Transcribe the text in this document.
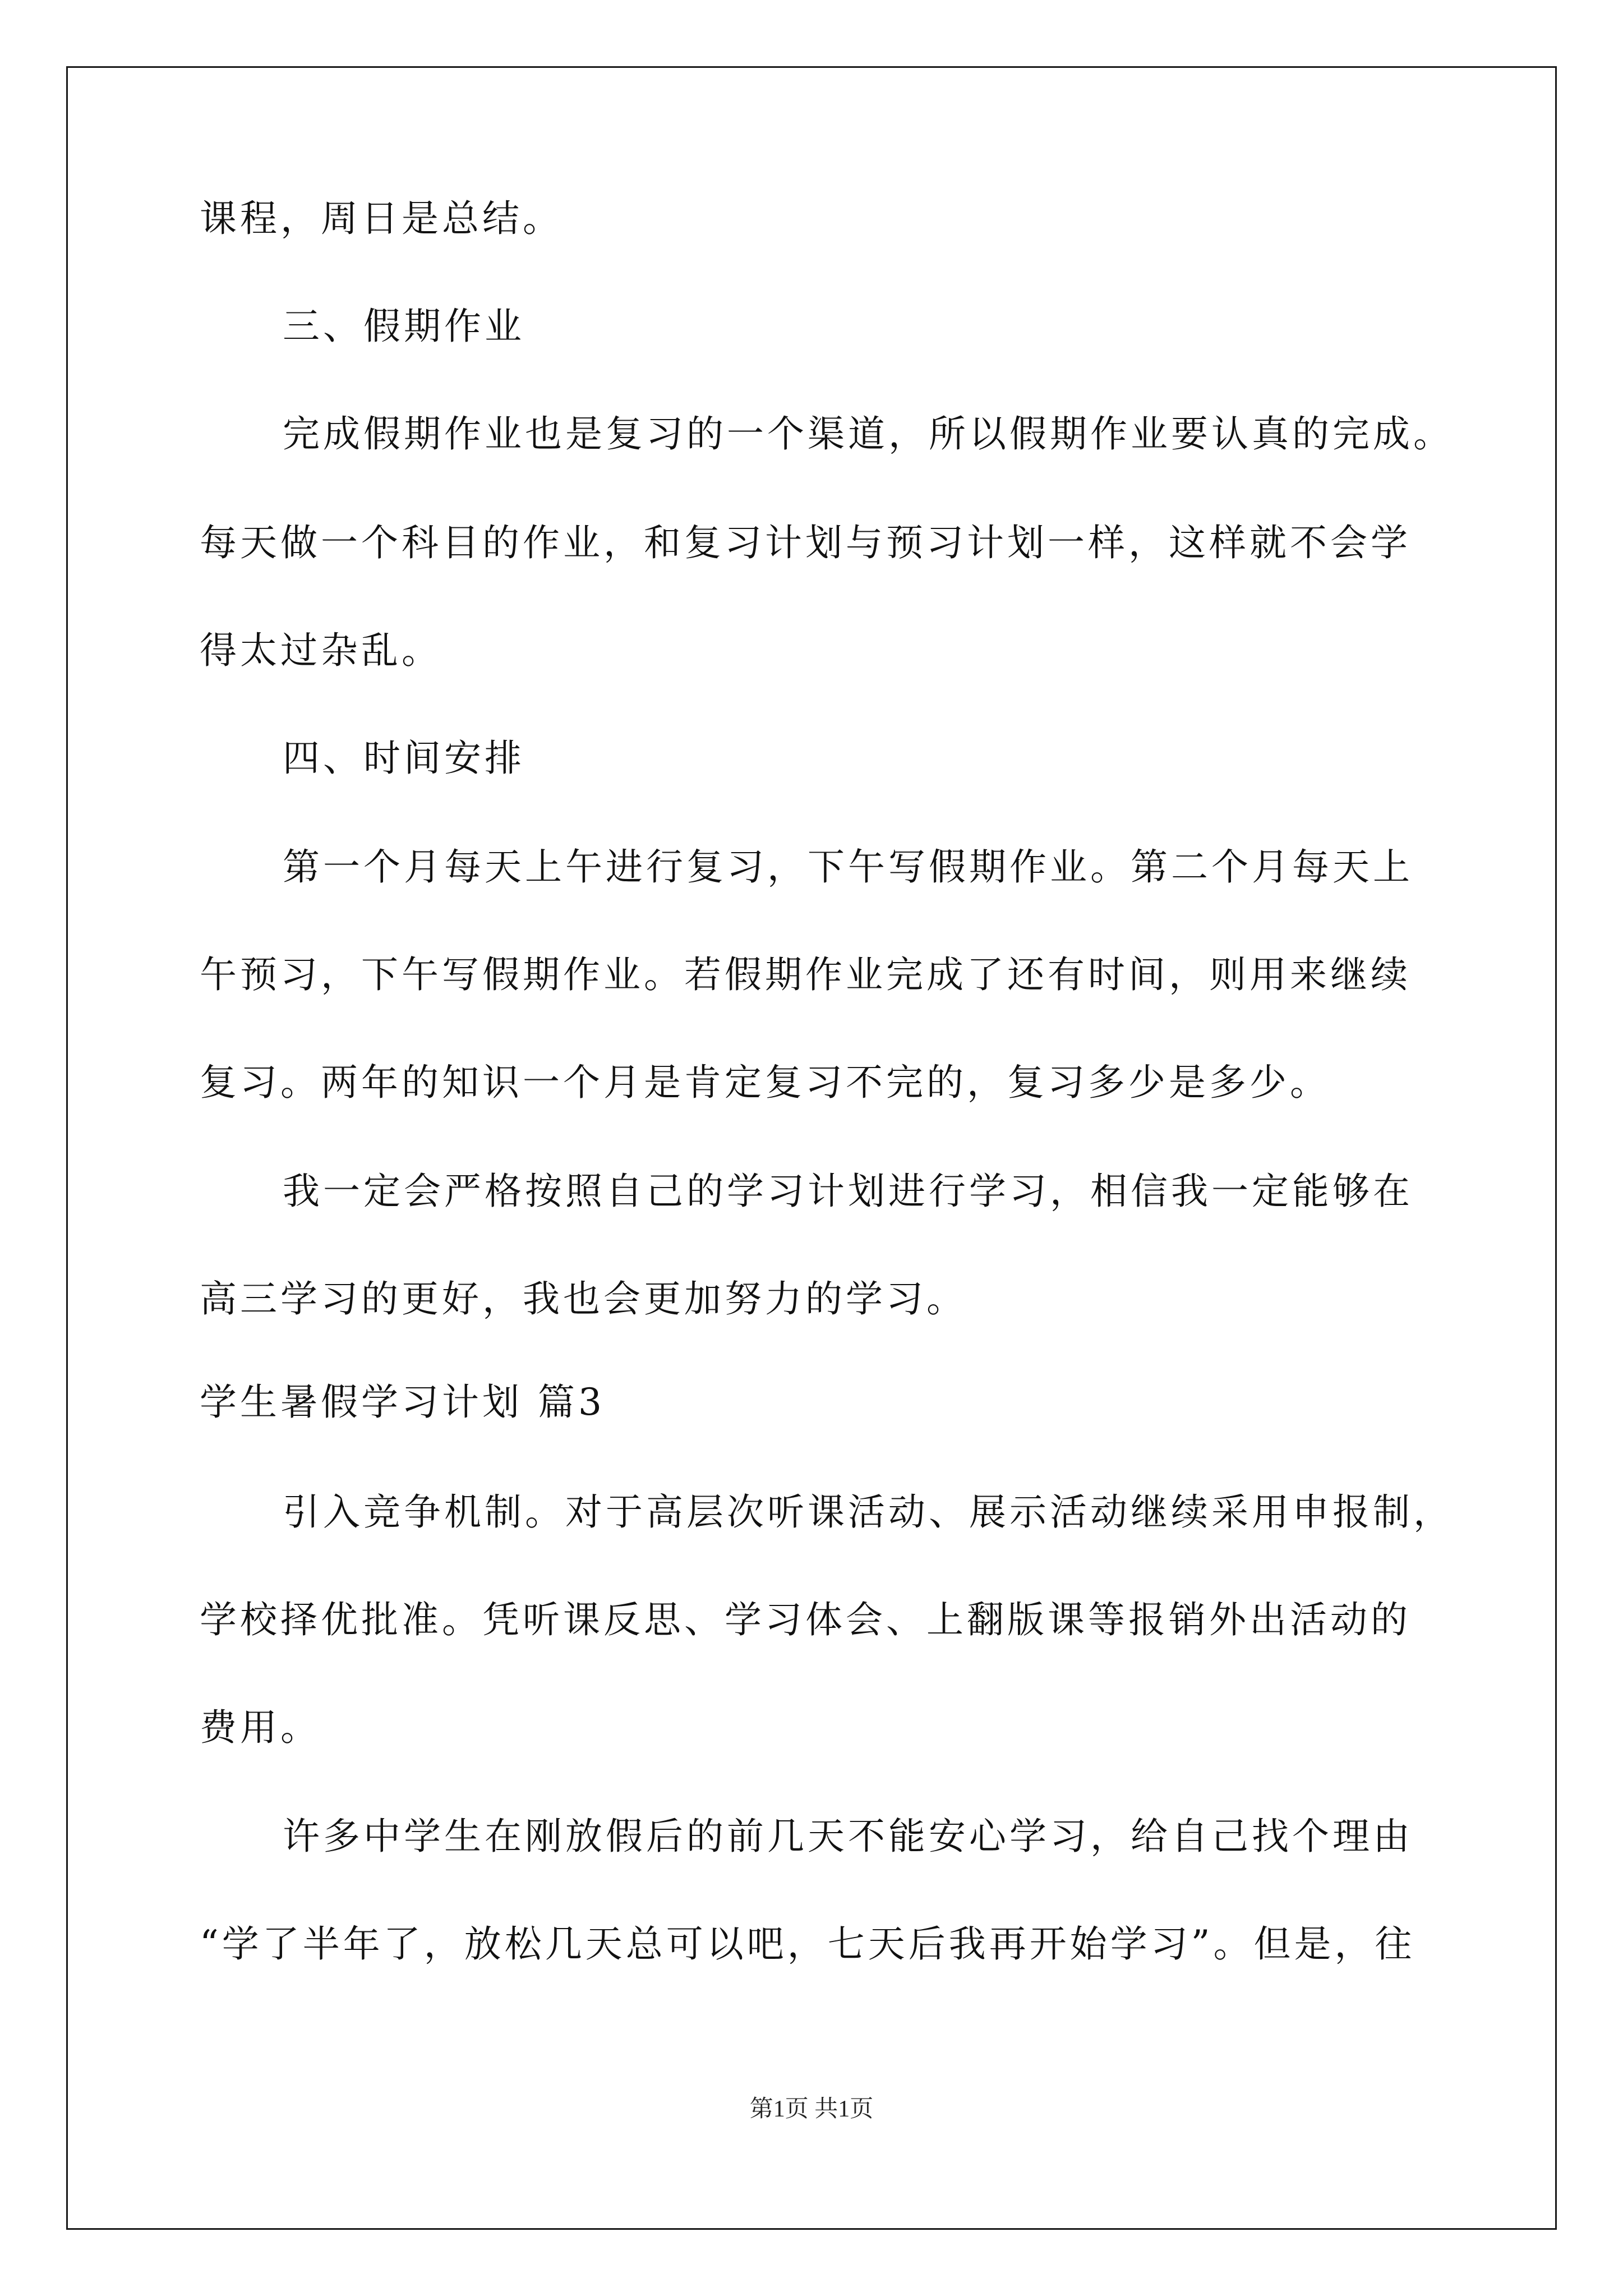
课程，周日是总结。
三、假期作业
完成假期作业也是复习的一个渠道，所以假期作业要认真的完成。
每天做一个科目的作业，和复习计划与预习计划一样，这样就不会学
得太过杂乱。
四、时间安排
第一个月每天上午进行复习，下午写假期作业。第二个月每天上
午预习，下午写假期作业。若假期作业完成了还有时间，则用来继续
复习。两年的知识一个月是肯定复习不完的，复习多少是多少。
我一定会严格按照自己的学习计划进行学习，相信我一定能够在
高三学习的更好，我也会更加努力的学习。
学生暑假学习计划 篇3
引入竞争机制。对于高层次听课活动、展示活动继续采用申报制，
学校择优批准。凭听课反思、学习体会、上翻版课等报销外出活动的
费用。
许多中学生在刚放假后的前几天不能安心学习，给自己找个理由
“学了半年了，放松几天总可以吧，七天后我再开始学习”。但是，往
第1页 共1页
